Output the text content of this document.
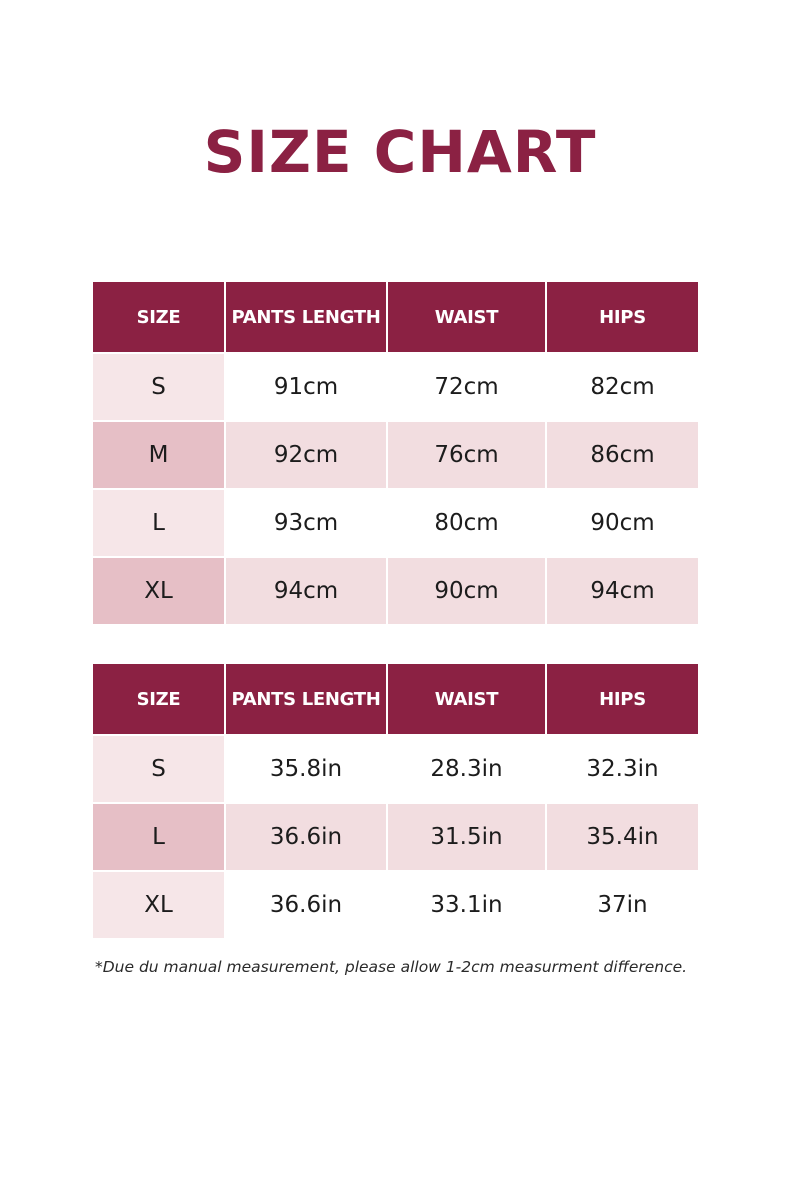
SIZE CHART
SIZE	PANTS LENGTH	WAIST	HIPS
S	91cm	72cm	82cm
M	92cm	76cm	86cm
L	93cm	80cm	90cm
XL	94cm	90cm	94cm
SIZE	PANTS LENGTH	WAIST	HIPS
S	35.8in	28.3in	32.3in
L	36.6in	31.5in	35.4in
XL	36.6in	33.1in	37in
*Due du manual measurement, please allow 1-2cm measurment difference.
